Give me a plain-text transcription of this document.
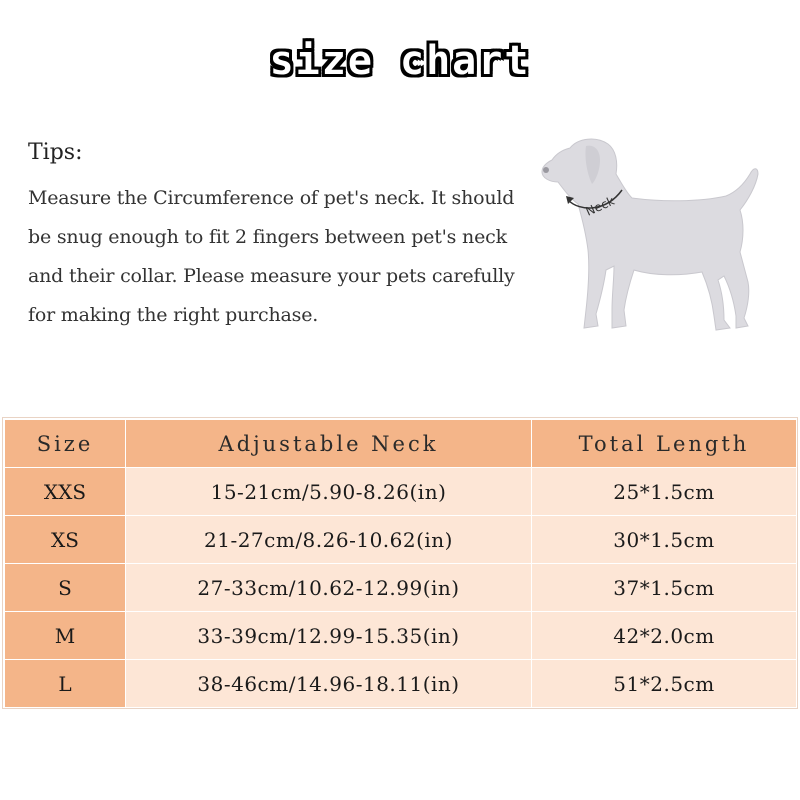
size chart
Tips:
Measure the Circumference of pet's neck. It should
be snug enough to fit 2 fingers between pet's neck
and their collar. Please measure your pets carefully
for making the right purchase.
Neck
Size	Adjustable Neck	Total Length
XXS	15-21cm/5.90-8.26(in)	25*1.5cm
XS	21-27cm/8.26-10.62(in)	30*1.5cm
S	27-33cm/10.62-12.99(in)	37*1.5cm
M	33-39cm/12.99-15.35(in)	42*2.0cm
L	38-46cm/14.96-18.11(in)	51*2.5cm
